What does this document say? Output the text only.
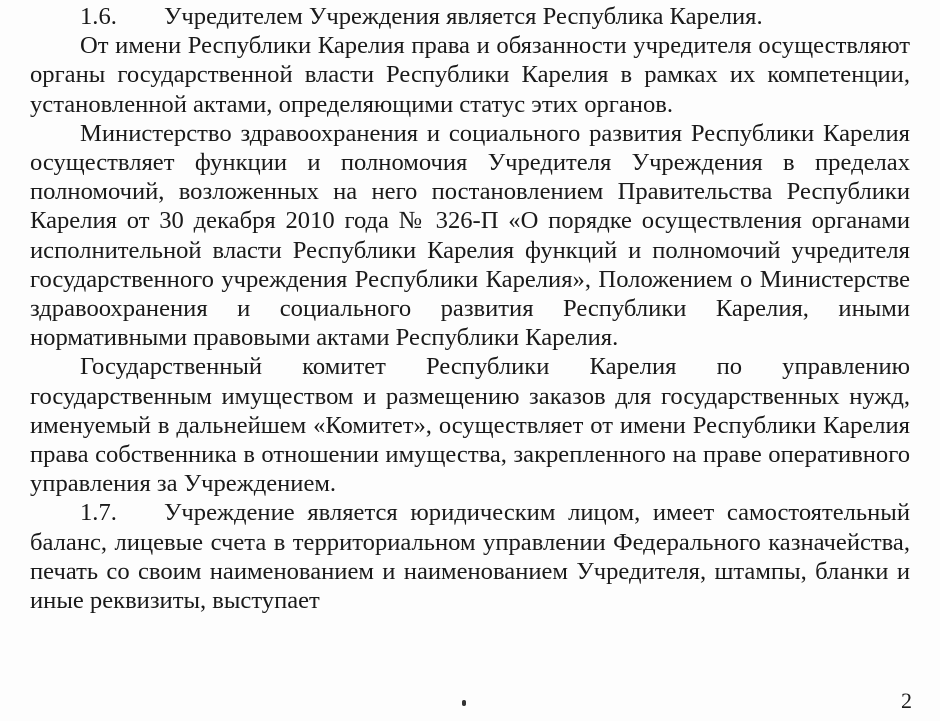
1.6. Учредителем Учреждения является Республика Карелия.

От имени Республики Карелия права и обязанности учредителя осуществляют органы государственной власти Республики Карелия в рамках их компетенции, установленной актами, определяющими статус этих органов.

Министерство здравоохранения и социального развития Республики Карелия осуществляет функции и полномочия Учредителя Учреждения в пределах полномочий, возложенных на него постановлением Правительства Республики Карелия от 30 декабря 2010 года № 326-П «О порядке осуществления органами исполнительной власти Республики Карелия функций и полномочий учредителя государственного учреждения Республики Карелия», Положением о Министерстве здравоохранения и социального развития Республики Карелия, иными нормативными правовыми актами Республики Карелия.

Государственный комитет Республики Карелия по управлению государственным имуществом и размещению заказов для государственных нужд, именуемый в дальнейшем «Комитет», осуществляет от имени Республики Карелия права собственника в отношении имущества, закрепленного на праве оперативного управления за Учреждением.

1.7. Учреждение является юридическим лицом, имеет самостоятельный баланс, лицевые счета в территориальном управлении Федерального казначейства, печать со своим наименованием и наименованием Учредителя, штампы, бланки и иные реквизиты, выступает

2
